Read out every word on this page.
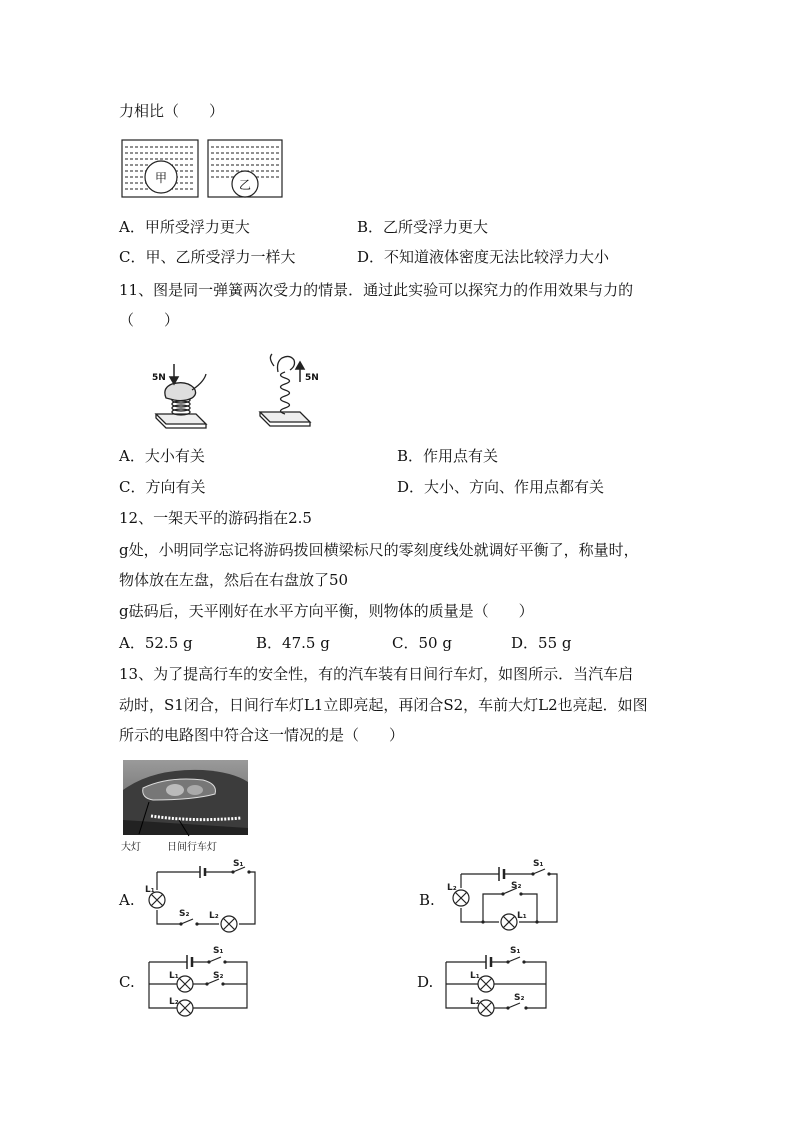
力相比（　　）
甲	乙
A．甲所受浮力更大	B．乙所受浮力更大
C．甲、乙所受浮力一样大	D．不知道液体密度无法比较浮力大小
11、图是同一弹簧两次受力的情景．通过此实验可以探究力的作用效果与力的
（　　）
5N	5N
A．大小有关	B．作用点有关
C．方向有关	D．大小、方向、作用点都有关
12、一架天平的游码指在2.5
g处，小明同学忘记将游码拨回横梁标尺的零刻度线处就调好平衡了，称量时，
物体放在左盘，然后在右盘放了50
g砝码后，天平刚好在水平方向平衡，则物体的质量是（　　）
A．52.5 g	B．47.5 g	C．50 g	D．55 g
13、为了提高行车的安全性，有的汽车装有日间行车灯，如图所示．当汽车启
动时，S1闭合，日间行车灯L1立即亮起，再闭合S2，车前大灯L2也亮起．如图
所示的电路图中符合这一情况的是（　　）
大灯	日间行车灯
A.
S₁
L₁
S₂ L₂
B.
S₁
L₂	S₂
L₁
C.
S₁
L₁	S₂
L₂
D.
S₁
L₁
S₂
L₂
